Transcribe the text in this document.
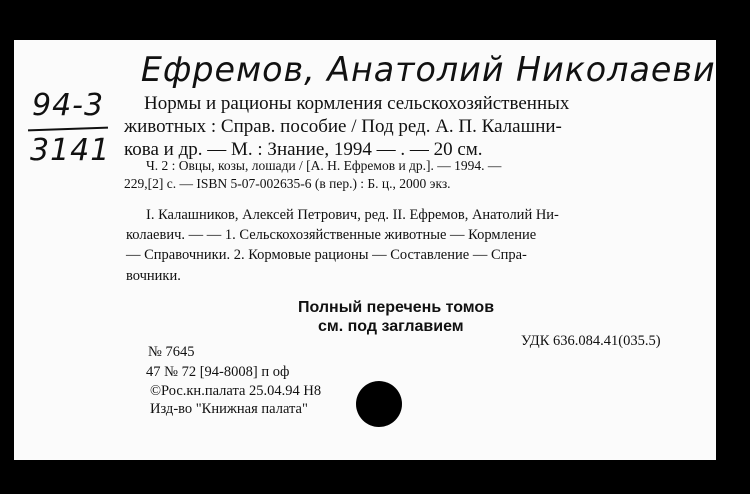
Ефремов, Анатолий Николаеви
94-3
3141
Нормы и рационы кормления сельскохозяйственных
животных : Справ. пособие / Под ред. А. П. Калашни-
кова и др. — М. : Знание, 1994 — . — 20 см.
Ч. 2 : Овцы, козы, лошади / [А. Н. Ефремов и др.]. — 1994. —
229,[2] с. — ISBN 5-07-002635-6 (в пер.) : Б. ц., 2000 экз.
I. Калашников, Алексей Петрович, ред. II. Ефремов, Анатолий Ни-
колаевич. — — 1. Сельскохозяйственные животные — Кормление
— Справочники. 2. Кормовые рационы — Составление — Спра-
вочники.
Полный перечень томов
см. под заглавием
УДК 636.084.41(035.5)
№ 7645
47 № 72 [94-8008] п оф
©Рос.кн.палата 25.04.94 Н8
Изд-во "Книжная палата"
